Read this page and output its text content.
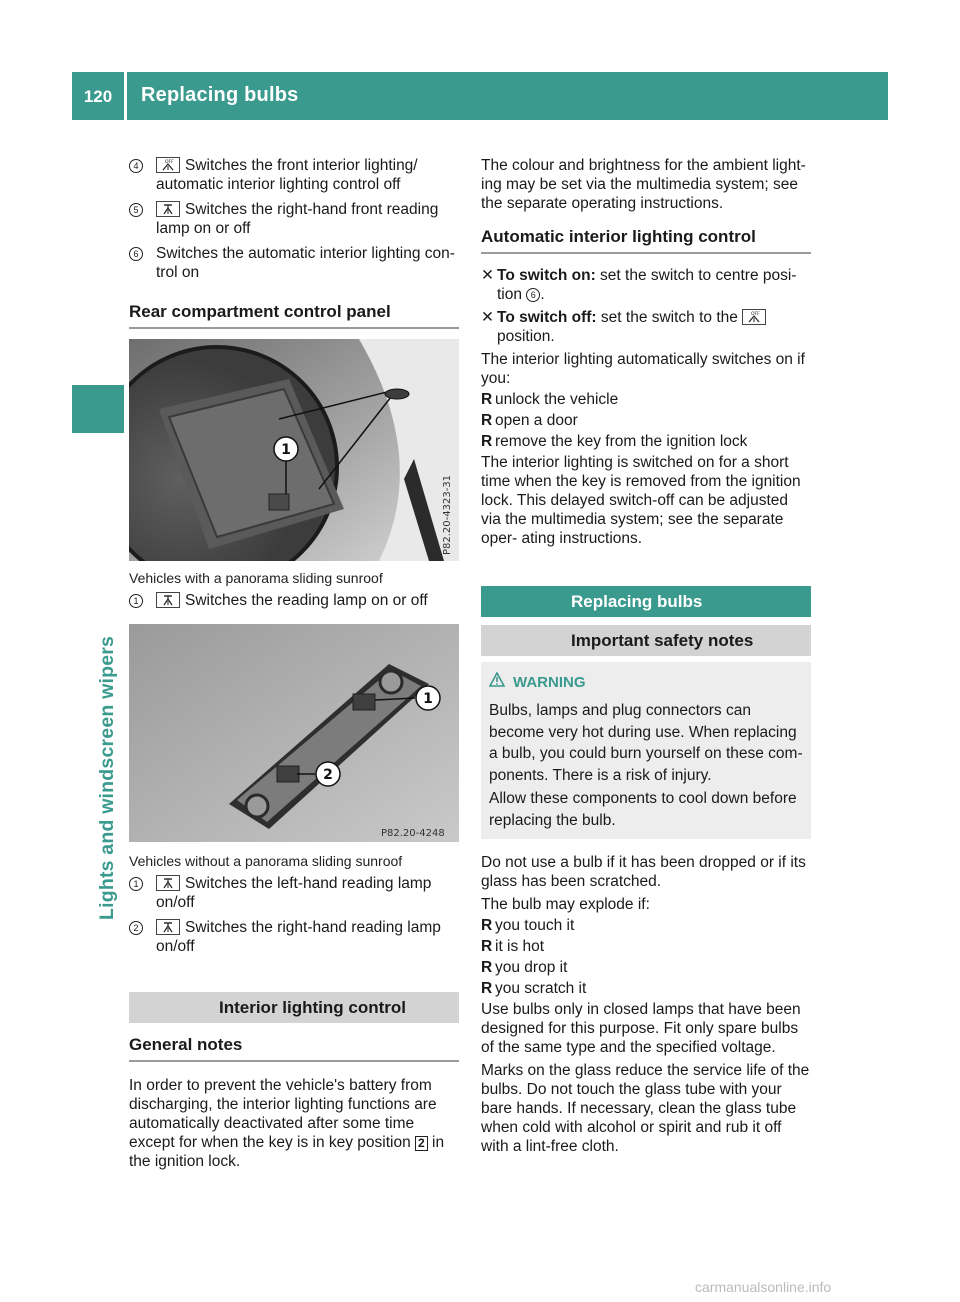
120	Replacing bulbs
Lights and windscreen wipers
4	OFF Switches the front interior lighting/ automatic interior lighting control off
5	Switches the right-hand front reading lamp on or off
6	Switches the automatic interior lighting con- trol on
Rear compartment control panel
1
P82.20-4323-31
Vehicles with a panorama sliding sunroof
1	Switches the reading lamp on or off
1
2
P82.20-4248
Vehicles without a panorama sliding sunroof
1	Switches the left-hand reading lamp on/off
2	Switches the right-hand reading lamp on/off
Interior lighting control
General notes

In order to prevent the vehicle's battery from discharging, the interior lighting functions are automatically deactivated after some time except for when the key is in key position 2 in the ignition lock.

The colour and brightness for the ambient light- ing may be set via the multimedia system; see the separate operating instructions.

Automatic interior lighting control
✕ To switch on: set the switch to centre posi- tion 6 .
✕ To switch off: set the switch to the	OFF

position.

The interior lighting automatically switches on if you:

R unlock the vehicle
R open a door
R remove the key from the ignition lock

The interior lighting is switched on for a short time when the key is removed from the ignition lock. This delayed switch-off can be adjusted via the multimedia system; see the separate oper- ating instructions.

Replacing bulbs
Important safety notes
WARNING

Bulbs, lamps and plug connectors can become very hot during use. When replacing a bulb, you could burn yourself on these com- ponents. There is a risk of injury.

Allow these components to cool down before replacing the bulb.

Do not use a bulb if it has been dropped or if its glass has been scratched.

The bulb may explode if:

R you touch it
R it is hot
R you drop it
R you scratch it

Use bulbs only in closed lamps that have been designed for this purpose. Fit only spare bulbs of the same type and the specified voltage.

Marks on the glass reduce the service life of the bulbs. Do not touch the glass tube with your bare hands. If necessary, clean the glass tube when cold with alcohol or spirit and rub it off with a lint-free cloth.

carmanualsonline.info
